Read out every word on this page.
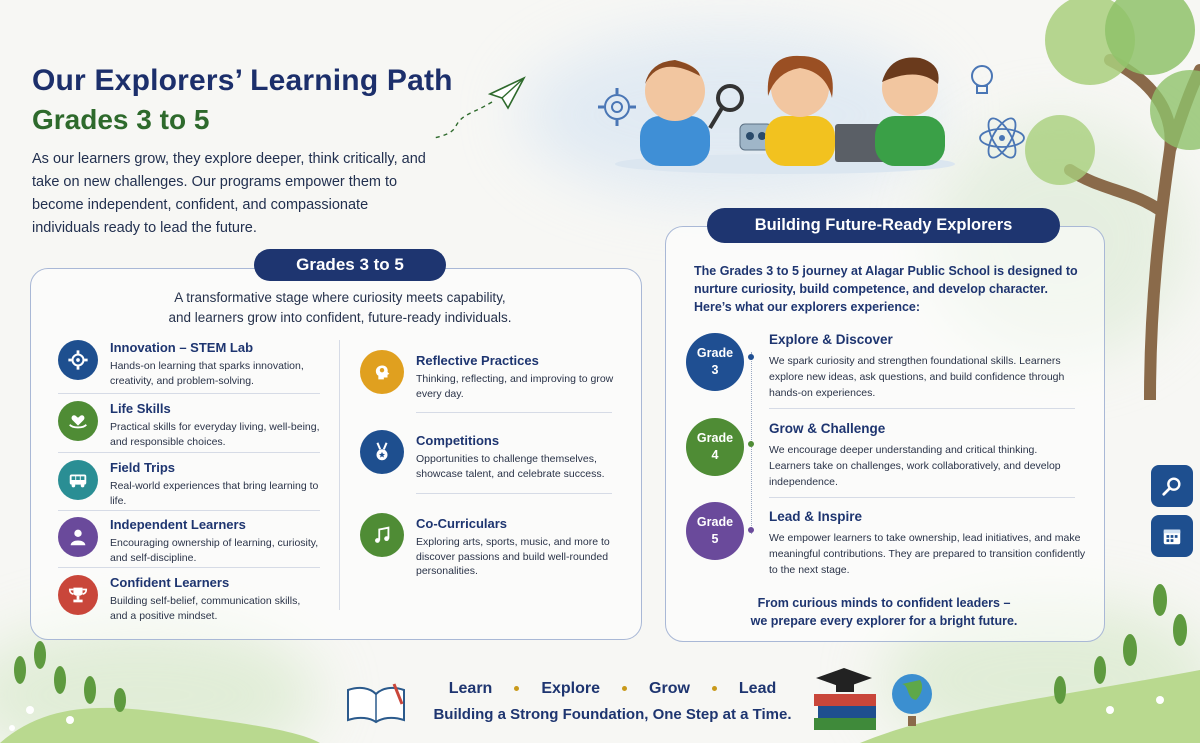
Our Explorers’ Learning Path
Grades 3 to 5
As our learners grow, they explore deeper, think critically, and take on new challenges. Our programs empower them to become independent, confident, and compassionate individuals ready to lead the future.
Grades 3 to 5
A transformative stage where curiosity meets capability,
and learners grow into confident, future-ready individuals.
Innovation – STEM Lab
Hands-on learning that sparks innovation, creativity, and problem-solving.
Life Skills
Practical skills for everyday living, well-being, and responsible choices.
Field Trips
Real-world experiences that bring learning to life.
Independent Learners
Encouraging ownership of learning, curiosity, and self-discipline.
Confident Learners
Building self-belief, communication skills, and a positive mindset.
Reflective Practices
Thinking, reflecting, and improving to grow every day.
Competitions
Opportunities to challenge themselves, showcase talent, and celebrate success.
Co-Curriculars
Exploring arts, sports, music, and more to discover passions and build well-rounded personalities.
Building Future-Ready Explorers
The Grades 3 to 5 journey at Alagar Public School is designed to nurture curiosity, build competence, and develop character. Here’s what our explorers experience:
Grade
3
Explore & Discover
We spark curiosity and strengthen foundational skills. Learners explore new ideas, ask questions, and build confidence through hands-on experiences.
Grade
4
Grow & Challenge
We encourage deeper understanding and critical thinking. Learners take on challenges, work collaboratively, and develop independence.
Grade
5
Lead & Inspire
We empower learners to take ownership, lead initiatives, and make meaningful contributions. They are prepared to transition confidently to the next stage.
From curious minds to confident leaders –
we prepare every explorer for a bright future.
Learn	Explore	Grow	Lead
Building a Strong Foundation, One Step at a Time.
